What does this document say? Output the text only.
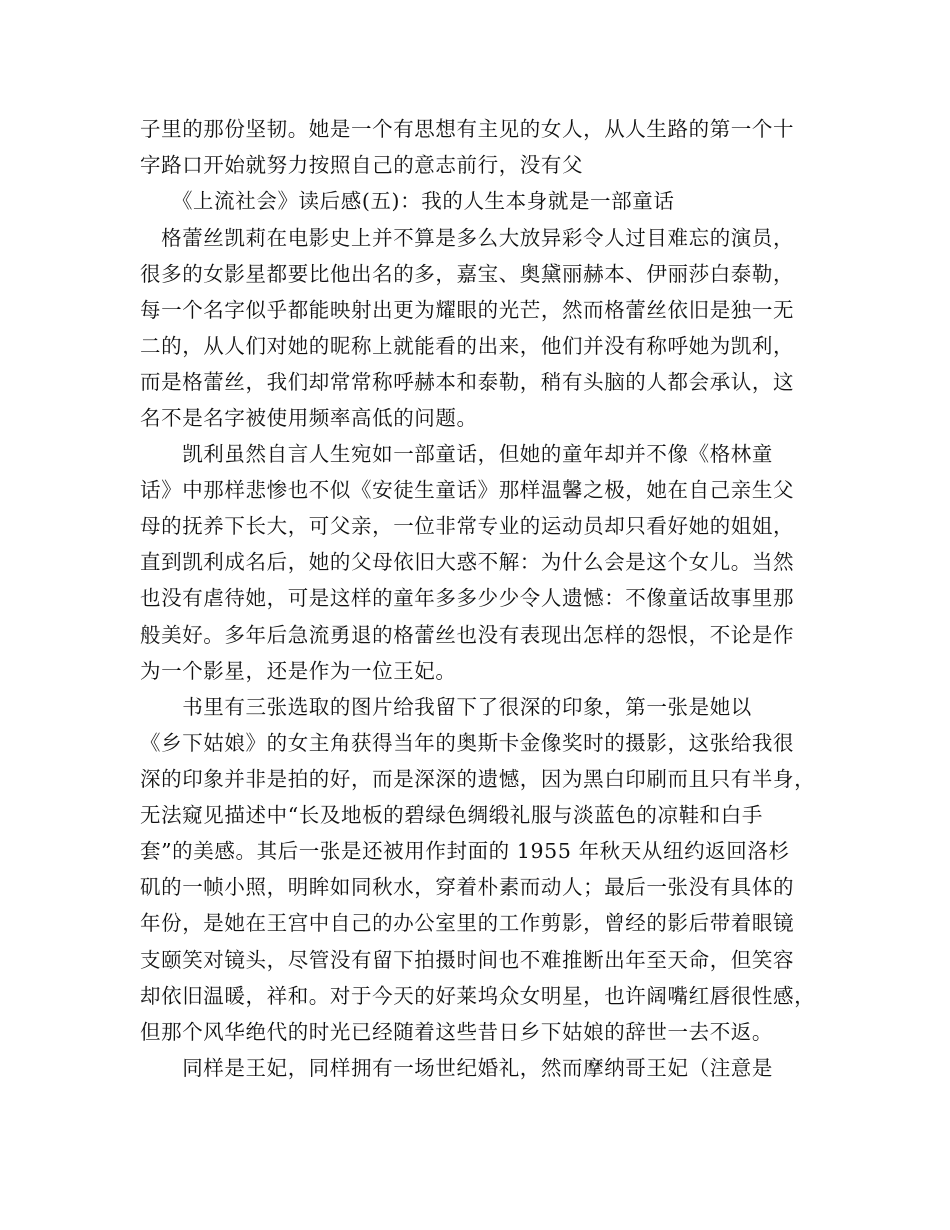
子里的那份坚韧。她是一个有思想有主见的女人，从人生路的第一个十
字路口开始就努力按照自己的意志前行，没有父
　　《上流社会》读后感(五)：我的人生本身就是一部童话
　格蕾丝凯莉在电影史上并不算是多么大放异彩令人过目难忘的演员，
很多的女影星都要比他出名的多，嘉宝、奥黛丽赫本、伊丽莎白泰勒，
每一个名字似乎都能映射出更为耀眼的光芒，然而格蕾丝依旧是独一无
二的，从人们对她的昵称上就能看的出来，他们并没有称呼她为凯利，
而是格蕾丝，我们却常常称呼赫本和泰勒，稍有头脑的人都会承认，这
名不是名字被使用频率高低的问题。
　　凯利虽然自言人生宛如一部童话，但她的童年却并不像《格林童
话》中那样悲惨也不似《安徒生童话》那样温馨之极，她在自己亲生父
母的抚养下长大，可父亲，一位非常专业的运动员却只看好她的姐姐，
直到凯利成名后，她的父母依旧大惑不解：为什么会是这个女儿。当然
也没有虐待她，可是这样的童年多多少少令人遗憾：不像童话故事里那
般美好。多年后急流勇退的格蕾丝也没有表现出怎样的怨恨，不论是作
为一个影星，还是作为一位王妃。
　　书里有三张选取的图片给我留下了很深的印象，第一张是她以
《乡下姑娘》的女主角获得当年的奥斯卡金像奖时的摄影，这张给我很
深的印象并非是拍的好，而是深深的遗憾，因为黑白印刷而且只有半身，
无法窥见描述中“长及地板的碧绿色绸缎礼服与淡蓝色的凉鞋和白手
套”的美感。其后一张是还被用作封面的 1955 年秋天从纽约返回洛杉
矶的一帧小照，明眸如同秋水，穿着朴素而动人；最后一张没有具体的
年份，是她在王宫中自己的办公室里的工作剪影，曾经的影后带着眼镜
支颐笑对镜头，尽管没有留下拍摄时间也不难推断出年至天命，但笑容
却依旧温暖，祥和。对于今天的好莱坞众女明星，也许阔嘴红唇很性感，
但那个风华绝代的时光已经随着这些昔日乡下姑娘的辞世一去不返。
　　同样是王妃，同样拥有一场世纪婚礼，然而摩纳哥王妃（注意是
